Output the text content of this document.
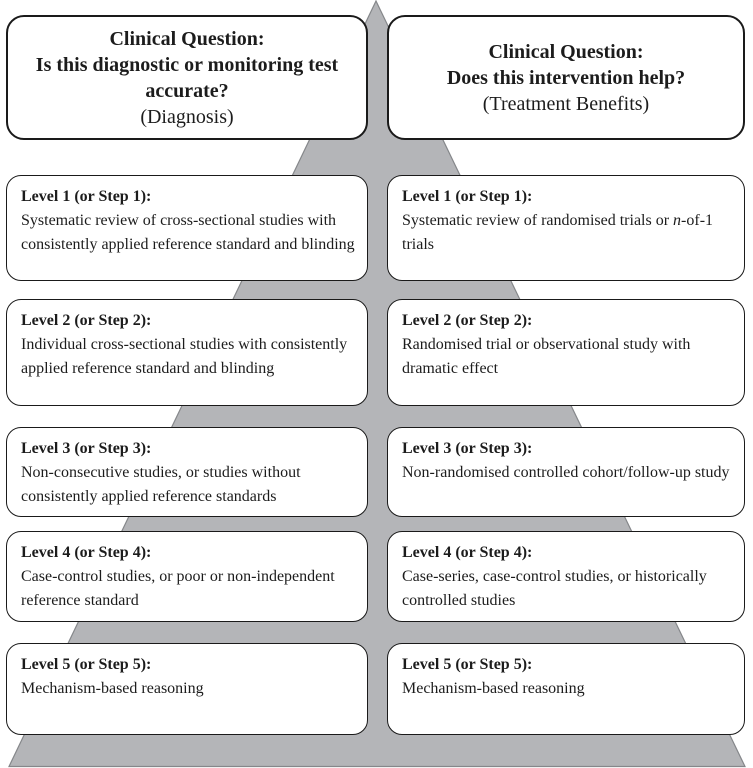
Clinical Question:
Is this diagnostic or monitoring test accurate?
(Diagnosis)
Clinical Question:
Does this intervention help?
(Treatment Benefits)
Level 1 (or Step 1):
Systematic review of cross-sectional studies with consistently applied reference standard and blinding
Level 2 (or Step 2):
Individual cross-sectional studies with consistently applied reference standard and blinding
Level 3 (or Step 3):
Non-consecutive studies, or studies without consistently applied reference standards
Level 4 (or Step 4):
Case-control studies, or poor or non-independent reference standard
Level 5 (or Step 5):
Mechanism-based reasoning
Level 1 (or Step 1):
Systematic review of randomised trials or n-of-1 trials
Level 2 (or Step 2):
Randomised trial or observational study with dramatic effect
Level 3 (or Step 3):
Non-randomised controlled cohort/follow-up study
Level 4 (or Step 4):
Case-series, case-control studies, or historically controlled studies
Level 5 (or Step 5):
Mechanism-based reasoning
